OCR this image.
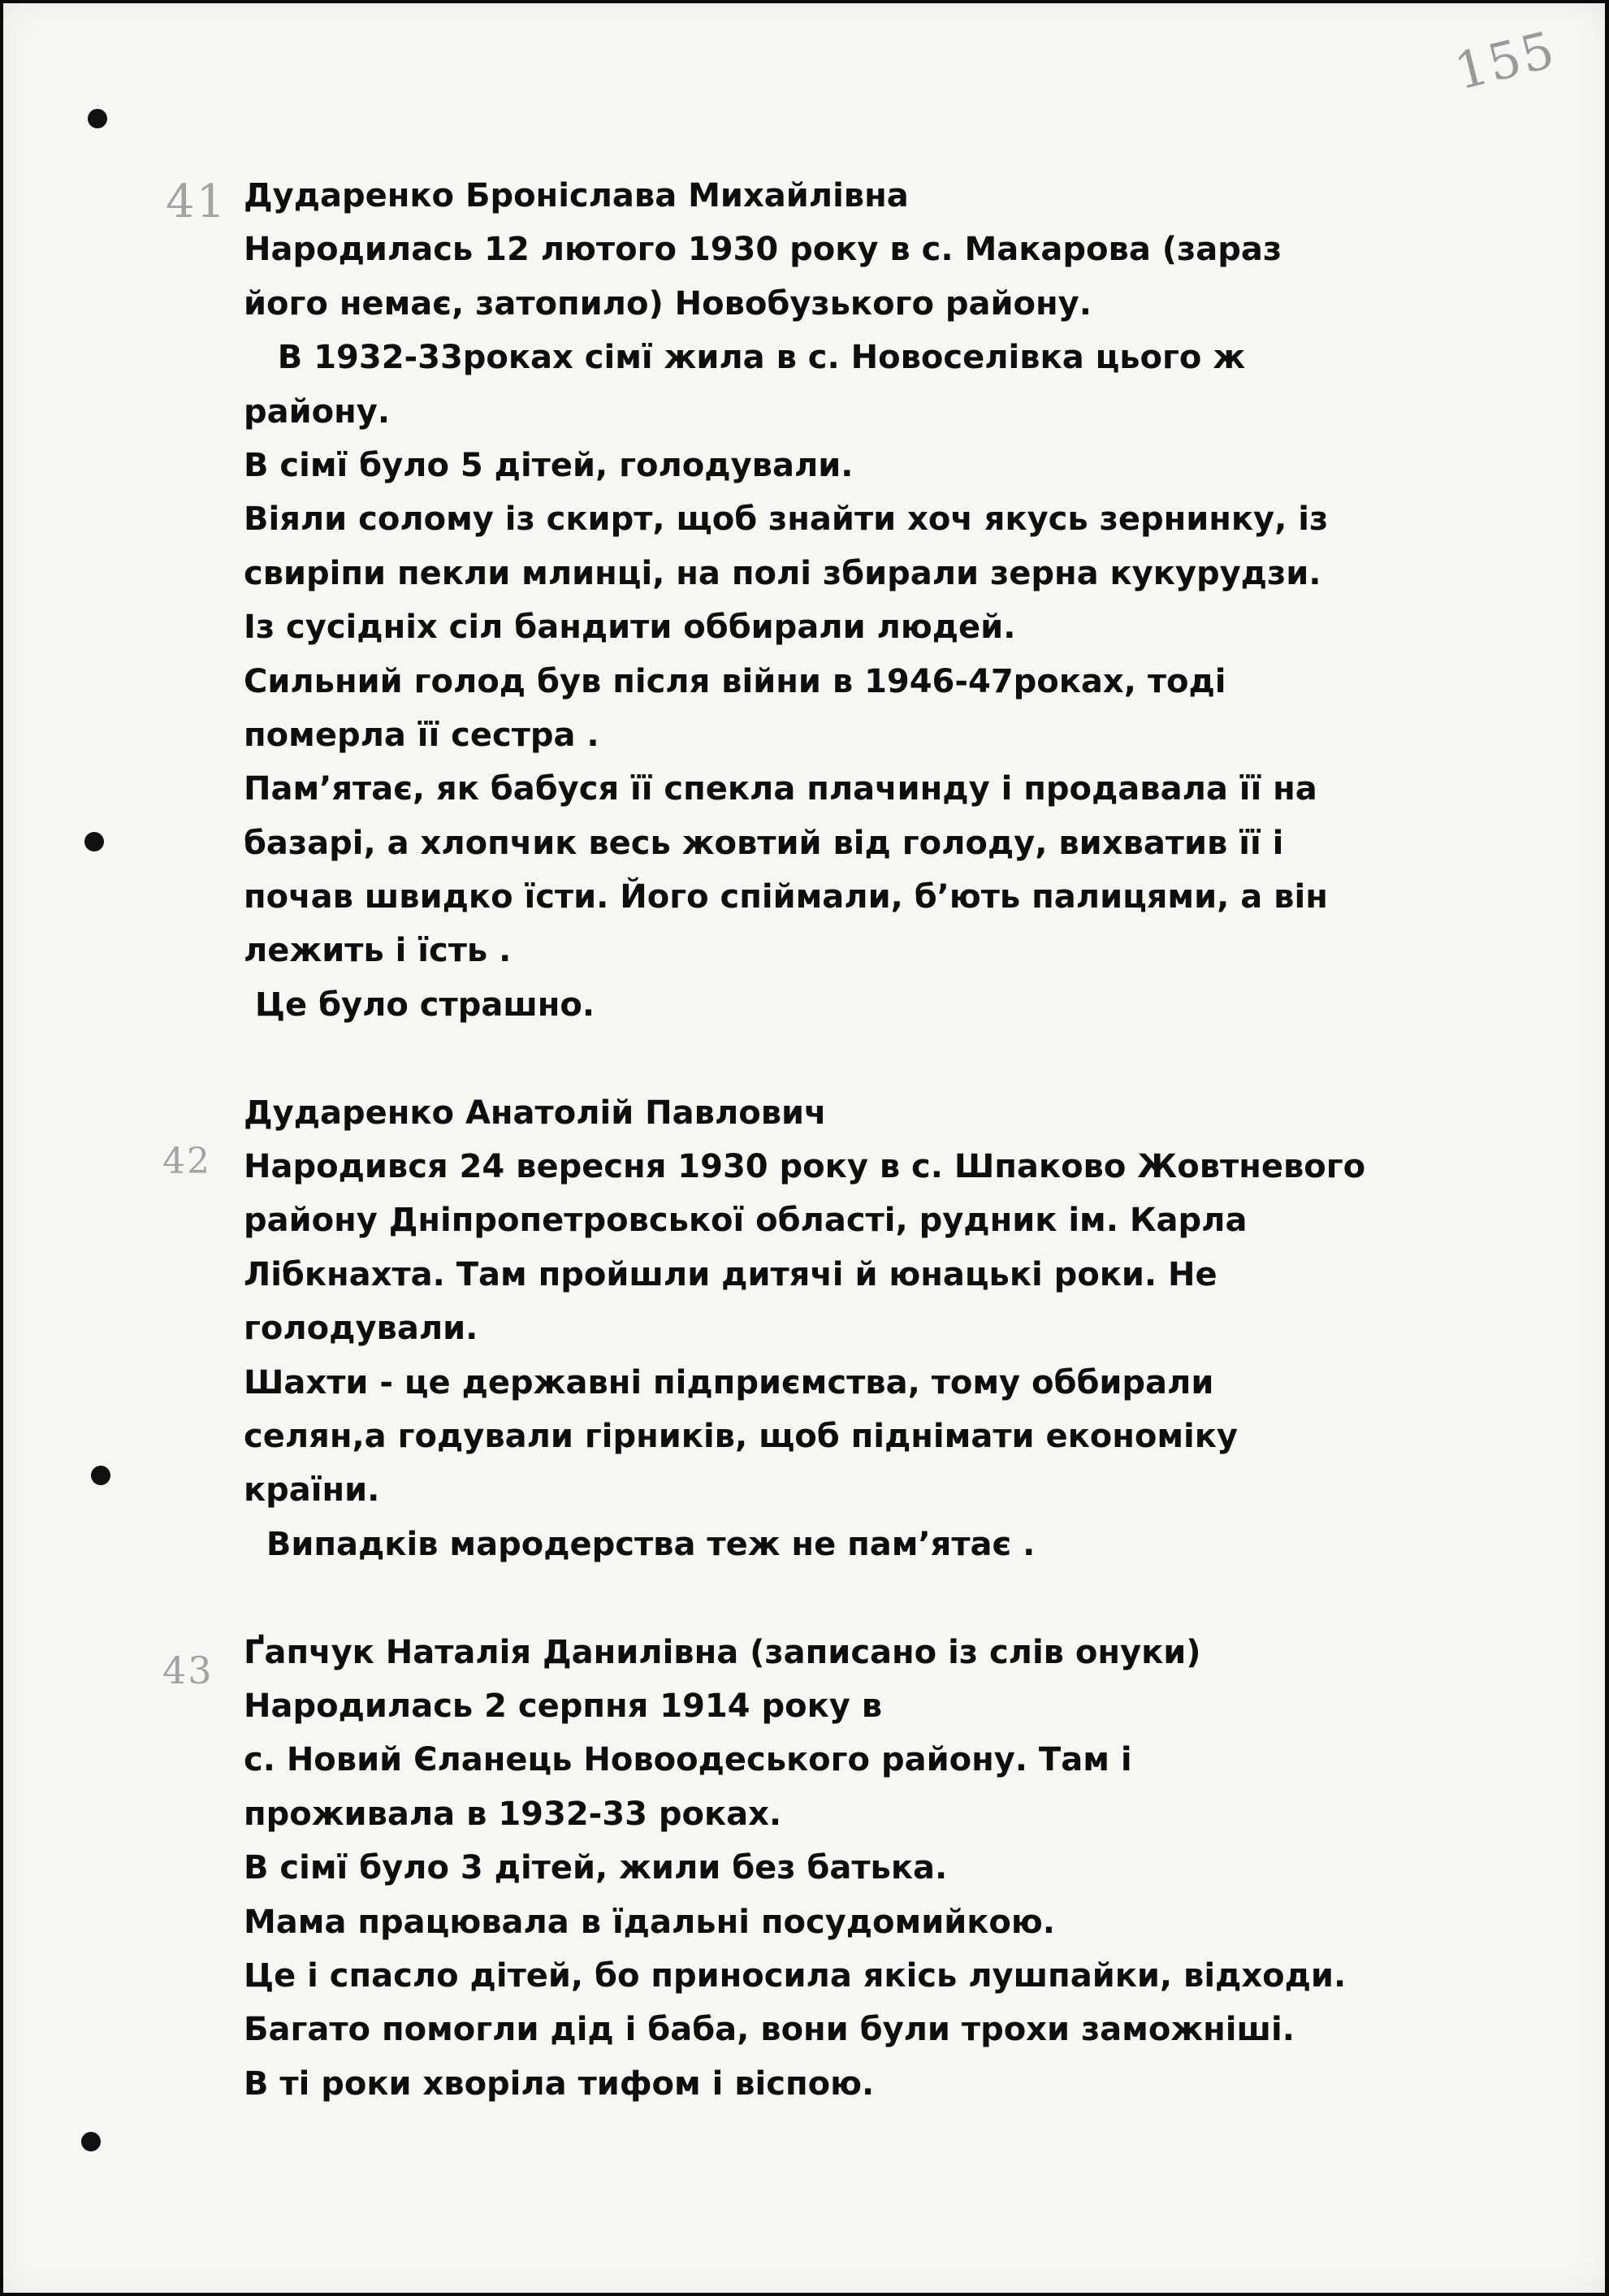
155
41
42
43
Дударенко Броніслава Михайлівна
Народилась 12 лютого 1930 року в с. Макарова (зараз
його немає, затопило) Новобузького району.
В 1932-33роках сімї жила в с. Новоселівка цього ж
району.
В сімї було 5 дітей, голодували.
Віяли солому із скирт, щоб знайти хоч якусь зернинку, із
свиріпи пекли млинці, на полі збирали зерна кукурудзи.
Із сусідніх сіл бандити оббирали людей.
Сильний голод був після війни в 1946-47роках, тоді
померла її сестра .
Пам’ятає, як бабуся її спекла плачинду і продавала її на
базарі, а хлопчик весь жовтий від голоду, вихватив її і
почав швидко їсти. Його спіймали, б’ють палицями, а він
лежить і їсть .
Це було страшно.
Дударенко Анатолій Павлович
Народився 24 вересня 1930 року в с. Шпаково Жовтневого
району Дніпропетровської області, рудник ім. Карла
Лібкнахта. Там пройшли дитячі й юнацькі роки. Не
голодували.
Шахти - це державні підприємства, тому оббирали
селян,а годували гірників, щоб піднімати економіку
країни.
Випадків мародерства теж не пам’ятає .
Ґапчук Наталія Данилівна (записано із слів онуки)
Народилась 2 серпня 1914 року в
с. Новий Єланець Новоодеського району. Там і
проживала в 1932-33 роках.
В сімї було 3 дітей, жили без батька.
Мама працювала в їдальні посудомийкою.
Це і спасло дітей, бо приносила якісь лушпайки, відходи.
Багато помогли дід і баба, вони були трохи заможніші.
В ті роки хворіла тифом і віспою.
